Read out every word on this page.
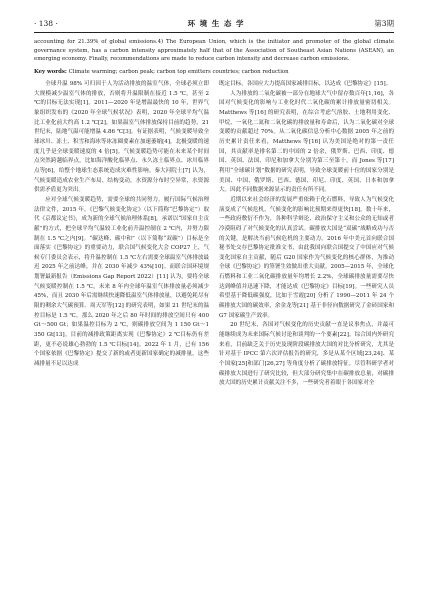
· 138 ·	环 境 生 态 学	第3期

accounting for 21.39% of global emissions.4) The European Union, which is the initiator and promoter of the global climate governance system, has a carbon intensity approximately half that of the Association of Southeast Asian Nations (ASEAN), an emerging economy. Finally, recommendations are made to reduce carbon intensity and decrease carbon emissions.

Key words: Climate warming; carbon peak; carbon top emitters countries; carbon reduction

全球升温 98% 可归因于人为活动排放的温室气体，全球必须立即大规模减少温室气体的排放，否则将升温限制在接近 1.5 ℃，甚至 2 ℃的目标无法实现[1]。2011—2020 年是增温最快的 10 年，世界气象组织发布的《2020 年全球气候状况》表明，2020 年全球平均气温比工业化前大约高 1.2 ℃[2]，如果温室气体排放保持目前的趋势，21 世纪末，陆地气温可能增温 4.86 ℃[3]。有证据表明，气候变暖导致全球冰川、冻土、积雪和海冰等冰冻圈要素在加速萎缩[4]，北极变暖的速度几乎是全球变暖速度的 4 倍[5]。气候变暖趋势可能在未来某个时间点突然跨越临界点，比如海洋酸化临界点、永久冻土临界点、冰川临界点等[6]，给整个地球生态系统造成灾难性影响。秦大河院士[7] 认为，气候变暖造成农业生产布局、结构变动，水资源分布时空异常，水资源供需矛盾更为突出。

应对全球气候变暖趋势，需要全球的共同努力。履行国际气候治理法律文件，2015 年，《巴黎气候变化协定》（以下简称“巴黎协定”）取代《京都议定书》，成为新的全球气候治理体系[8]，承诺以“国家自主贡献”的方式，把全球平均气温较工业化前升温控制在 2 ℃内，并努力限制在 1.5 ℃之内[9]。“碳达峰、碳中和”（以下简称“双碳”）目标是全面落实《巴黎协定》的重要动力，联合国气候变化大会 COP27 上，气候专门委员会表示，将升温控制在 1.5 ℃左右需要全球温室气体排放最迟 2025 年之前达峰，并在 2030 年减少 43%[10]。而联合国环境规划署最新报告（Emissions Gap Report 2022）[11] 认为，要将全球气候变暖控制在 1.5 ℃，未来 8 年内全球年温室气体排放量必须减少 45%，而且 2030 年后需继续快速降低温室气体排放量，以避免耗尽有限的剩余大气碳预算。周天军等[12] 的研究表明，如果 21 世纪末的温控目标是 1.5 ℃，那么 2020 年之后 80 年时间的排放空间只有 400 Gt～500 Gt；如果温控目标为 2 ℃，则碳排放空间为 1 150 Gt～1 350 Gt[13]。目前的减排政策距离实现《巴黎协定》2 ℃目标仍有差距，更不必说雄心勃勃的 1.5 ℃目标[14]。2022 年 1 月，已有 156 个国家依据《巴黎协定》提交了新的或者更新国家确定的减排量，这些减排量不足以达成

既定目标，各国应大力提高国家减排目标，以达成《巴黎协定》[15]。

人为排放的二氧化碳被一部分在地球大气中留存数百年[1,16]，各国对气候变化的影响与工业化时代二氧化碳的累计排放量密切相关。Matthews 等[16] 的研究表明，在综合考虑气溶胶、土地利用变化、甲烷、一氧化二氮和二氧化碳的排放量和寿命后，认为二氧化碳对全球变暖的贡献超过 70%。从二氧化碳信息分析中心数据 2005 年之前的历史累计责任来看，Matthews 等[16] 认为美国是绝对的第一责任国，其贡献率是排名第二的中国的 2 倍余，俄罗斯、巴西、印度、德国、英国、法国、印尼和加拿大分别为第三至第十。而 Jones 等[17] 利用“全球碳计划”数据的研究表明，导致全球变暖前十位的国家分别是美国、中国、俄罗斯、巴西、德国、印尼、印度、英国、日本和加拿大。因此不同数据来源显示的责任有所不同。

近期以来社会经济的发展严重依赖于化石燃料，导致人为气候变化演变成了气候危机，气候变化的影响比预期来得更快[18]。数十年来，一些政府敷衍不作为，各种科学辩论、政治保守主义和公众的无知或者冷漠阻碍了对气候变化的认真尝试。碳排放大国是“双碳”战略成功与否的关键，是解决当前气候危机的主要动力。2016 年中美元首向联合国秘书处交存巴黎协定批准文书，由此我国向联合国提交了中国应对气候变化国家自主贡献，随后 G20 国家作为气候变化的核心群体，为推动全球《巴黎协定》的签署生效做出重大贡献。2005—2015 年，全球化石燃料和工业二氧化碳排放量年均增长 2.2%，全球碳排放量需要尽快达到峰值并迅速下降，才能达成《巴黎协定》目标[19]。一些研究人员希望基于降低碳强度，比如于雪霞[20] 分析了 1990—2011 年 24 个碳排放大国的碳效率，余金龙等[21] 基于非径向数据研究了金砖国家和 G7 国家碳生产效率。

20 世纪末，各国对气候变化的历史贡献一直是议事焦点，并最可能继续成为未来国际气候讨论和谈判的一个要素[22]。综合国内外研究来看，目前缺乏关于历史及现阶段碳排放大国的对比分析研究，尤其是针对基于 IPCC 第六次评估报告的研究，多是从某个区域[23,24]、某个国家[25]和部门[26,27] 等角度分析了碳排放特征。尽管科研学者对碳排放大国进行了研究比较，但大部分研究集中在碳排放总量，对碳排放大国的历史累计贡献关注不多，一些研究者着眼于各国家对全
